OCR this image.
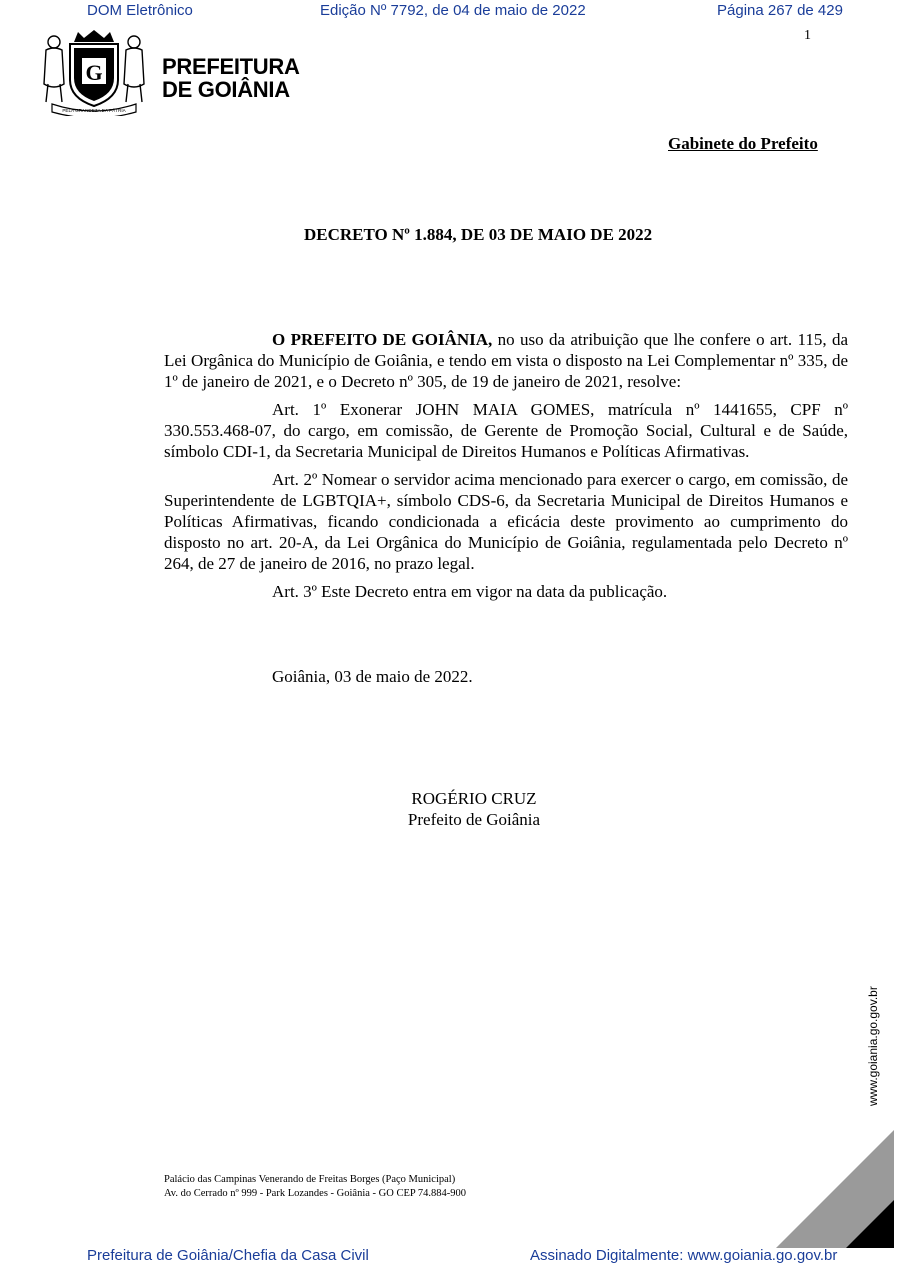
DOM Eletrônico	Edição Nº 7792, de 04 de maio de 2022	Página 267 de 429
1
PELA GRANDEZA DA PÁTRIA
G	PREFEITURA
DE GOIÂNIA
Gabinete do Prefeito
DECRETO Nº 1.884, DE 03 DE MAIO DE 2022

O PREFEITO DE GOIÂNIA, no uso da atribuição que lhe confere o art. 115, da Lei Orgânica do Município de Goiânia, e tendo em vista o disposto na Lei Complementar nº 335, de 1º de janeiro de 2021, e o Decreto nº 305, de 19 de janeiro de 2021, resolve:

Art. 1º Exonerar JOHN MAIA GOMES, matrícula nº 1441655, CPF nº 330.553.468-07, do cargo, em comissão, de Gerente de Promoção Social, Cultural e de Saúde, símbolo CDI-1, da Secretaria Municipal de Direitos Humanos e Políticas Afirmativas.

Art. 2º Nomear o servidor acima mencionado para exercer o cargo, em comissão, de Superintendente de LGBTQIA+, símbolo CDS-6, da Secretaria Municipal de Direitos Humanos e Políticas Afirmativas, ficando condicionada a eficácia deste provimento ao cumprimento do disposto no art. 20-A, da Lei Orgânica do Município de Goiânia, regulamentada pelo Decreto nº 264, de 27 de janeiro de 2016, no prazo legal.

Art. 3º Este Decreto entra em vigor na data da publicação.

Goiânia, 03 de maio de 2022.
ROGÉRIO CRUZ
Prefeito de Goiânia
www.goiania.go.gov.br
Palácio das Campinas Venerando de Freitas Borges (Paço Municipal)
Av. do Cerrado nº 999 - Park Lozandes - Goiânia - GO CEP 74.884-900
Prefeitura de Goiânia/Chefia da Casa Civil	Assinado Digitalmente: www.goiania.go.gov.br
